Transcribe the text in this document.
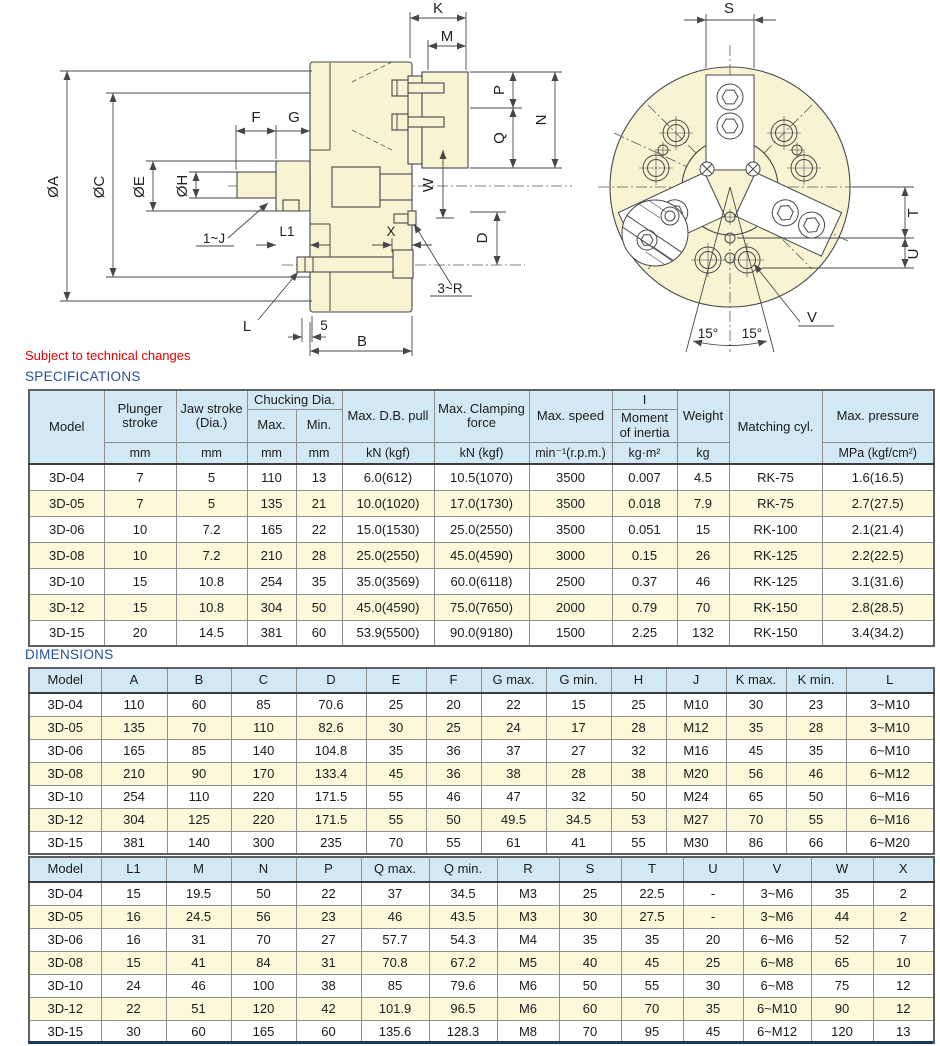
ØA ØC ØE ØH
F G
K
M
P
Q
N
W
D
1~J	L1	X
3~R
L	5
B
S
T
U
V
15° 15°
Subject to technical changes
SPECIFICATIONS
Model	Plunger stroke	Jaw stroke (Dia.)	Chucking Dia.		Max. D.B. pull	Max. Clamping force	Max. speed	I	Weight	Matching cyl.	Max. pressure
			Max.	Min.				Moment of inertia			
	mm	mm	mm	mm	kN (kgf)	kN (kgf)	min⁻¹(r.p.m.)	kg·m²	kg		MPa (kgf/cm²)
3D-04	7	5	110	13	6.0(612)	10.5(1070)	3500	0.007	4.5	RK-75	1.6(16.5)
3D-05	7	5	135	21	10.0(1020)	17.0(1730)	3500	0.018	7.9	RK-75	2.7(27.5)
3D-06	10	7.2	165	22	15.0(1530)	25.0(2550)	3500	0.051	15	RK-100	2.1(21.4)
3D-08	10	7.2	210	28	25.0(2550)	45.0(4590)	3000	0.15	26	RK-125	2.2(22.5)
3D-10	15	10.8	254	35	35.0(3569)	60.0(6118)	2500	0.37	46	RK-125	3.1(31.6)
3D-12	15	10.8	304	50	45.0(4590)	75.0(7650)	2000	0.79	70	RK-150	2.8(28.5)
3D-15	20	14.5	381	60	53.9(5500)	90.0(9180)	1500	2.25	132	RK-150	3.4(34.2)
DIMENSIONS
Model	A	B	C	D	E	F	G max.	G min.	H	J	K max.	K min.	L
3D-04	110	60	85	70.6	25	20	22	15	25	M10	30	23	3~M10
3D-05	135	70	110	82.6	30	25	24	17	28	M12	35	28	3~M10
3D-06	165	85	140	104.8	35	36	37	27	32	M16	45	35	6~M10
3D-08	210	90	170	133.4	45	36	38	28	38	M20	56	46	6~M12
3D-10	254	110	220	171.5	55	46	47	32	50	M24	65	50	6~M16
3D-12	304	125	220	171.5	55	50	49.5	34.5	53	M27	70	55	6~M16
3D-15	381	140	300	235	70	55	61	41	55	M30	86	66	6~M20
Model	L1	M	N	P	Q max.	Q min.	R	S	T	U	V	W	X
3D-04	15	19.5	50	22	37	34.5	M3	25	22.5	-	3~M6	35	2
3D-05	16	24.5	56	23	46	43.5	M3	30	27.5	-	3~M6	44	2
3D-06	16	31	70	27	57.7	54.3	M4	35	35	20	6~M6	52	7
3D-08	15	41	84	31	70.8	67.2	M5	40	45	25	6~M8	65	10
3D-10	24	46	100	38	85	79.6	M6	50	55	30	6~M8	75	12
3D-12	22	51	120	42	101.9	96.5	M6	60	70	35	6~M10	90	12
3D-15	30	60	165	60	135.6	128.3	M8	70	95	45	6~M12	120	13
